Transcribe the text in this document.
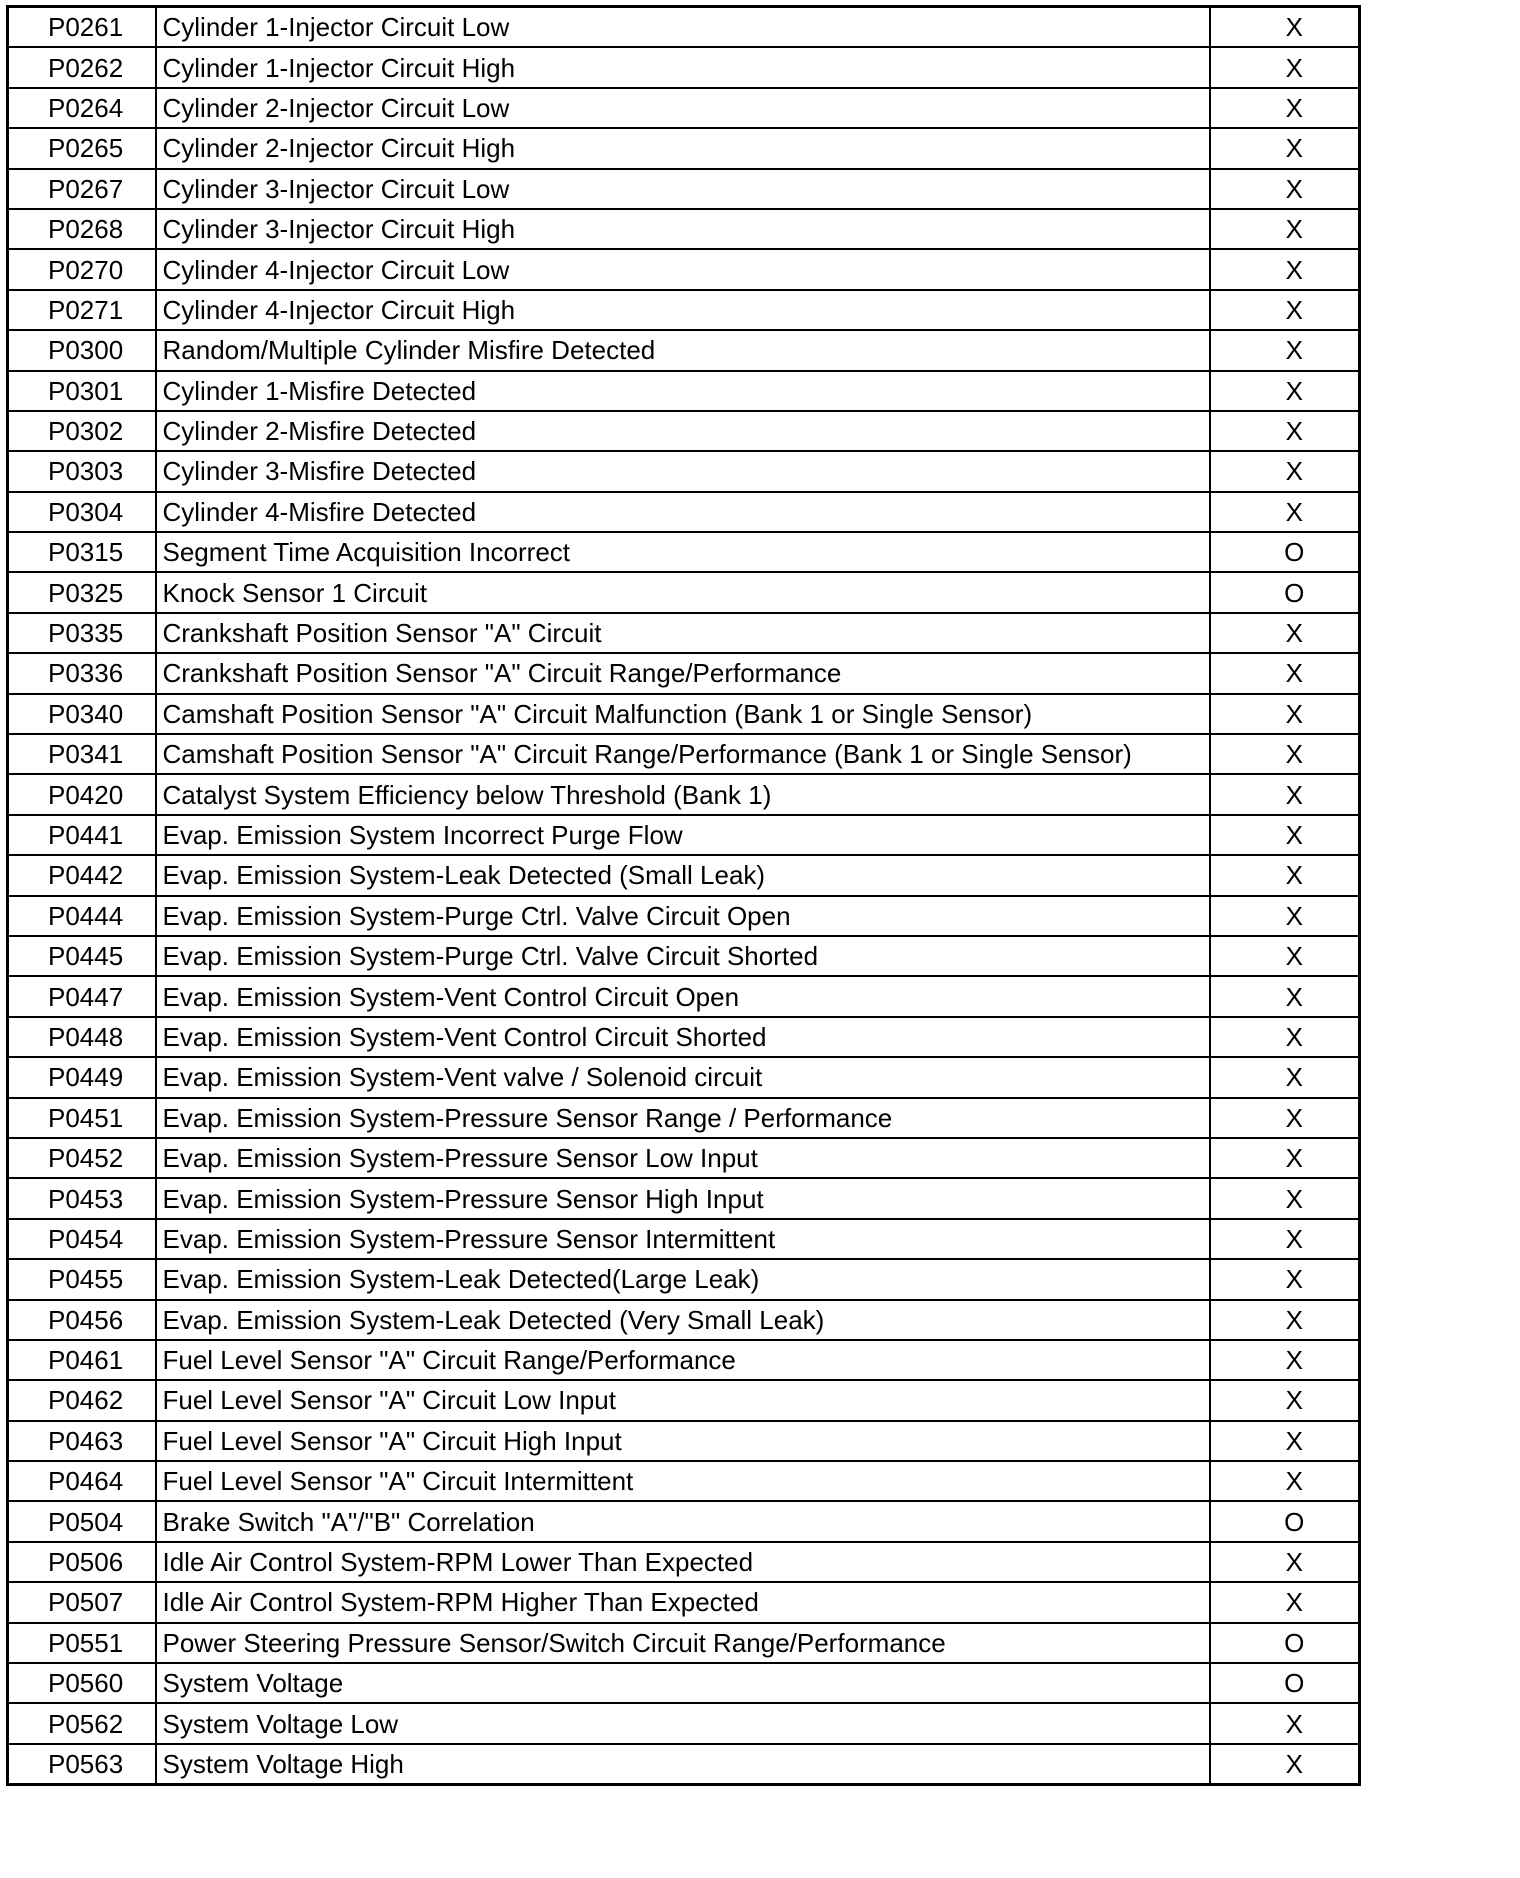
P0261	Cylinder 1-Injector Circuit Low	X
P0262	Cylinder 1-Injector Circuit High	X
P0264	Cylinder 2-Injector Circuit Low	X
P0265	Cylinder 2-Injector Circuit High	X
P0267	Cylinder 3-Injector Circuit Low	X
P0268	Cylinder 3-Injector Circuit High	X
P0270	Cylinder 4-Injector Circuit Low	X
P0271	Cylinder 4-Injector Circuit High	X
P0300	Random/Multiple Cylinder Misfire Detected	X
P0301	Cylinder 1-Misfire Detected	X
P0302	Cylinder 2-Misfire Detected	X
P0303	Cylinder 3-Misfire Detected	X
P0304	Cylinder 4-Misfire Detected	X
P0315	Segment Time Acquisition Incorrect	O
P0325	Knock Sensor 1 Circuit	O
P0335	Crankshaft Position Sensor "A" Circuit	X
P0336	Crankshaft Position Sensor "A" Circuit Range/Performance	X
P0340	Camshaft Position Sensor "A" Circuit Malfunction (Bank 1 or Single Sensor)	X
P0341	Camshaft Position Sensor "A" Circuit Range/Performance (Bank 1 or Single Sensor)	X
P0420	Catalyst System Efficiency below Threshold (Bank 1)	X
P0441	Evap. Emission System Incorrect Purge Flow	X
P0442	Evap. Emission System-Leak Detected (Small Leak)	X
P0444	Evap. Emission System-Purge Ctrl. Valve Circuit Open	X
P0445	Evap. Emission System-Purge Ctrl. Valve Circuit Shorted	X
P0447	Evap. Emission System-Vent Control Circuit Open	X
P0448	Evap. Emission System-Vent Control Circuit Shorted	X
P0449	Evap. Emission System-Vent valve / Solenoid circuit	X
P0451	Evap. Emission System-Pressure Sensor Range / Performance	X
P0452	Evap. Emission System-Pressure Sensor Low Input	X
P0453	Evap. Emission System-Pressure Sensor High Input	X
P0454	Evap. Emission System-Pressure Sensor Intermittent	X
P0455	Evap. Emission System-Leak Detected(Large Leak)	X
P0456	Evap. Emission System-Leak Detected (Very Small Leak)	X
P0461	Fuel Level Sensor "A" Circuit Range/Performance	X
P0462	Fuel Level Sensor "A" Circuit Low Input	X
P0463	Fuel Level Sensor "A" Circuit High Input	X
P0464	Fuel Level Sensor "A" Circuit Intermittent	X
P0504	Brake Switch "A"/"B" Correlation	O
P0506	Idle Air Control System-RPM Lower Than Expected	X
P0507	Idle Air Control System-RPM Higher Than Expected	X
P0551	Power Steering Pressure Sensor/Switch Circuit Range/Performance	O
P0560	System Voltage	O
P0562	System Voltage Low	X
P0563	System Voltage High	X
